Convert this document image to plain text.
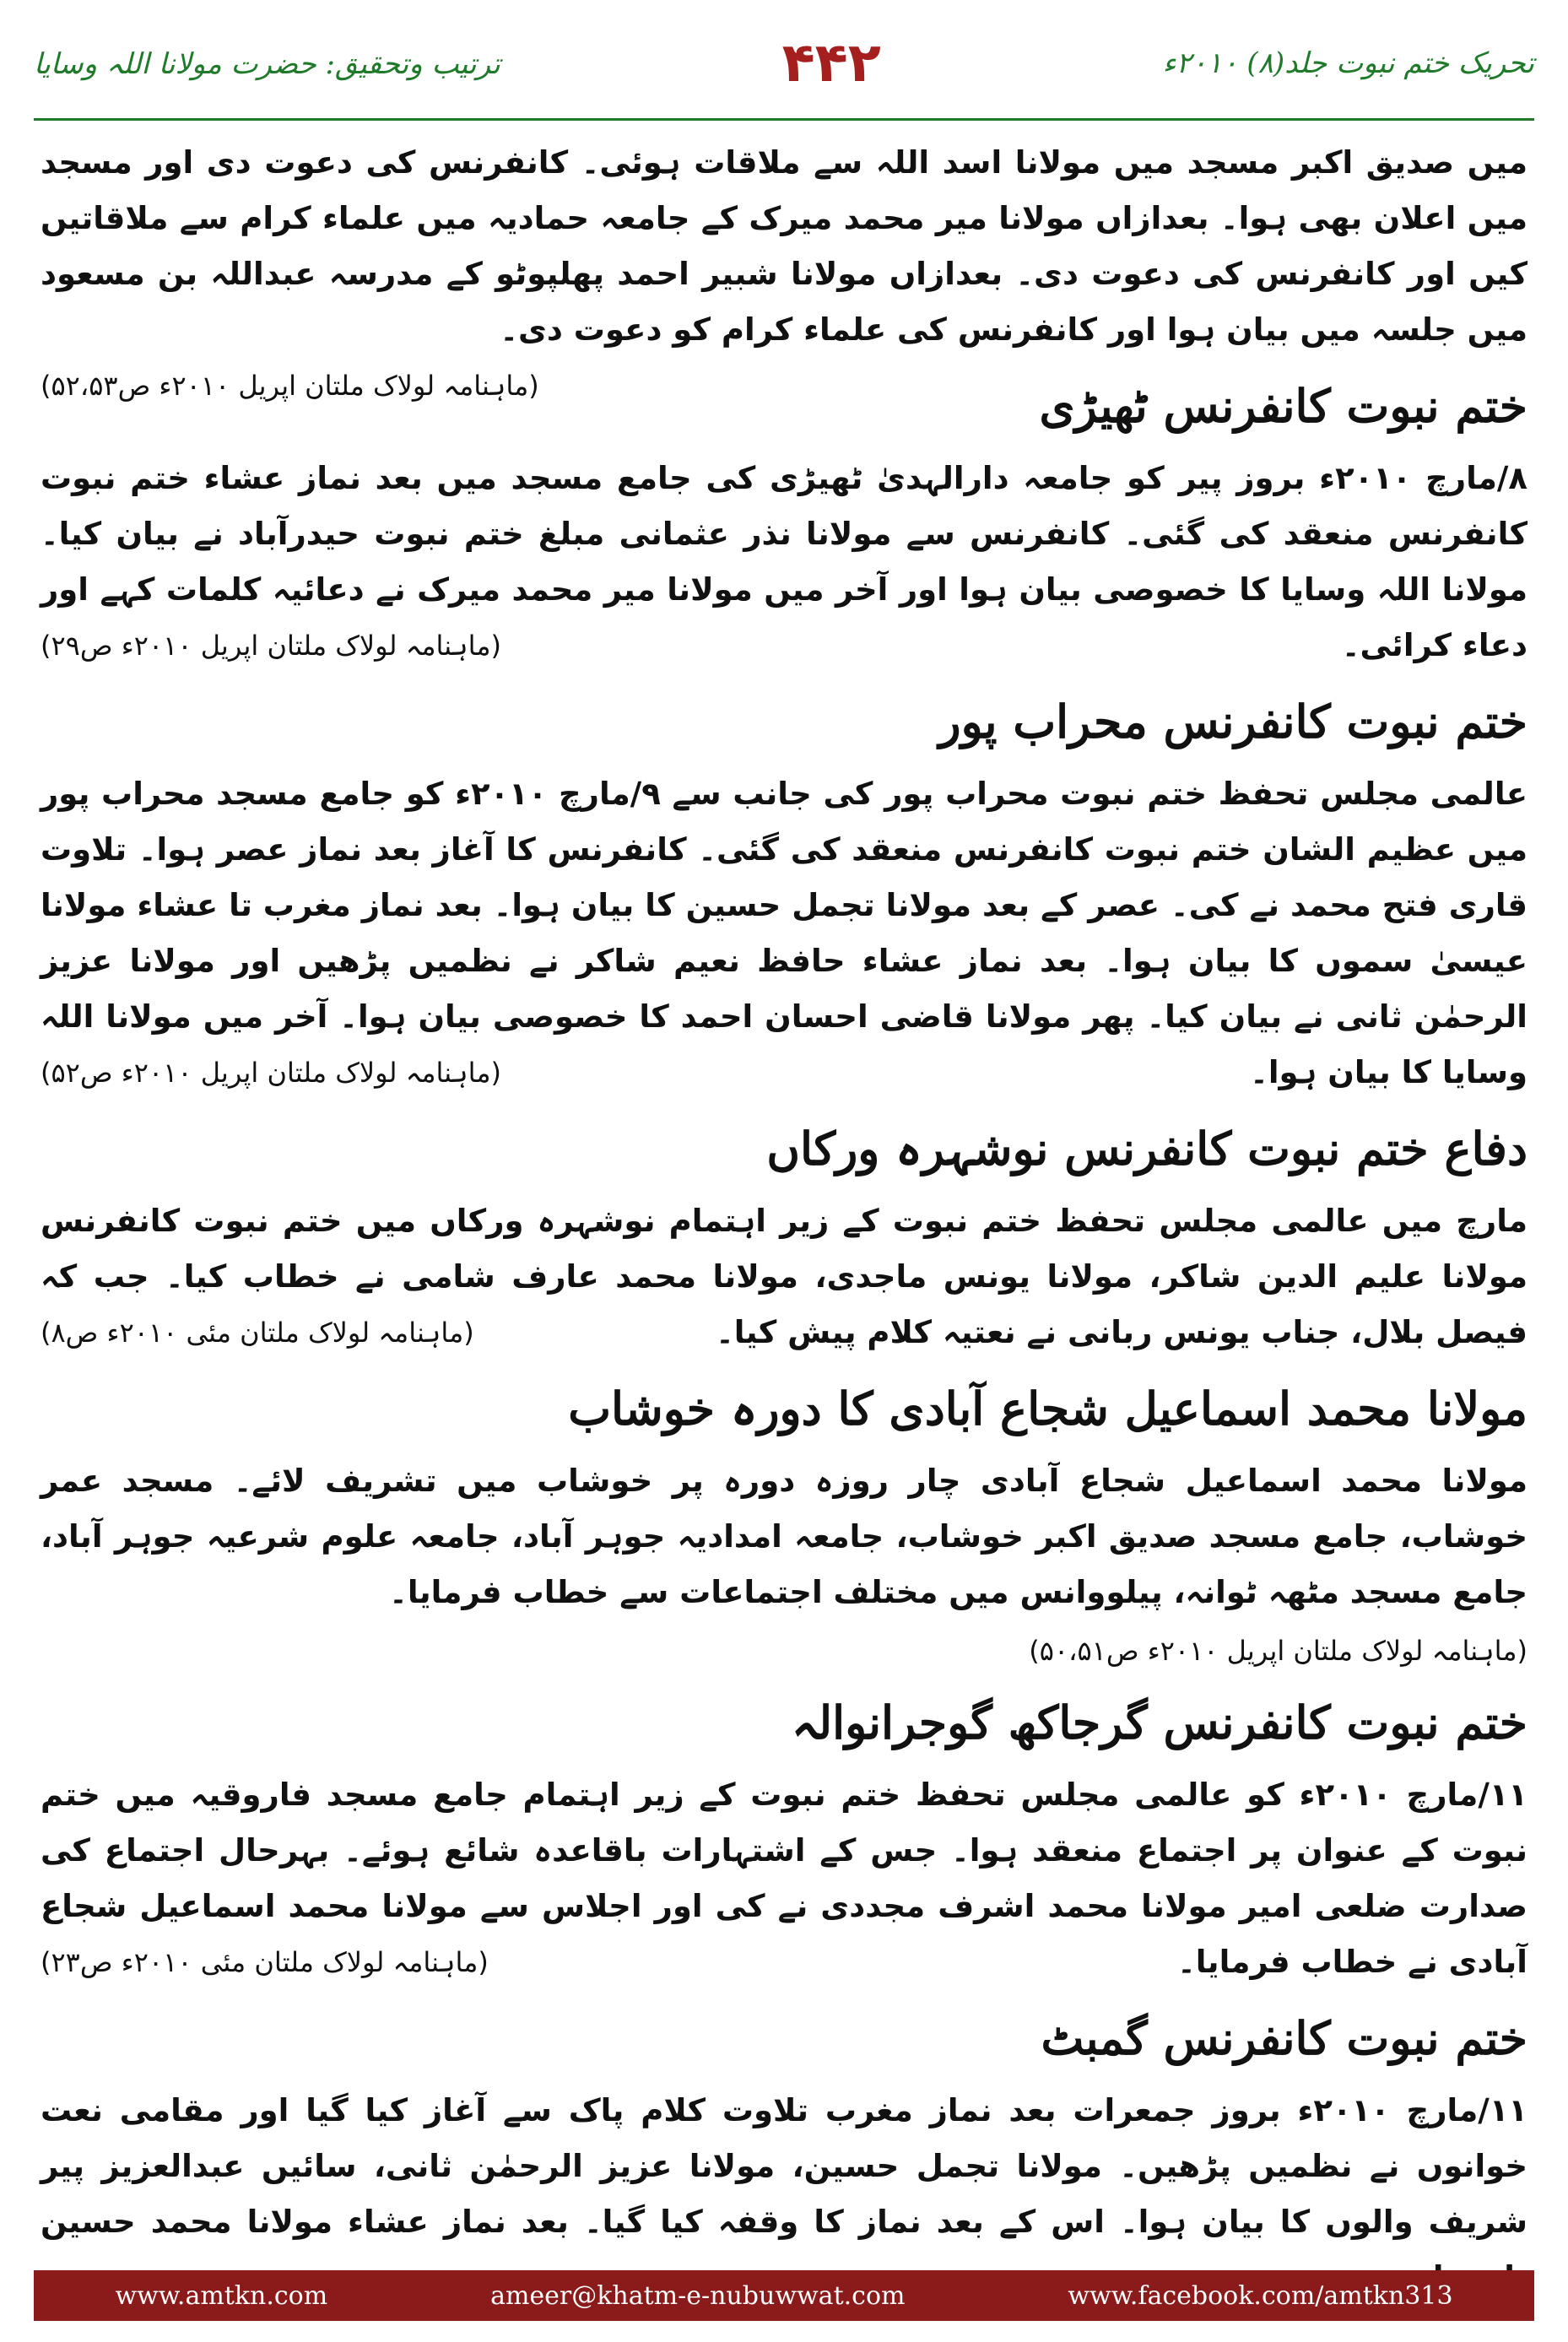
ترتیب وتحقیق: حضرت مولانا اللہ وسایا	۴۴۲	تحریک ختم نبوت جلد(۸) ۲۰۱۰ء

میں صدیق اکبر مسجد میں مولانا اسد اللہ سے ملاقات ہوئی۔ کانفرنس کی دعوت دی اور مسجد میں اعلان بھی ہوا۔ بعدازاں مولانا میر محمد میرک کے جامعہ حمادیہ میں علماء کرام سے ملاقاتیں کیں اور کانفرنس کی دعوت دی۔ بعدازاں مولانا شبیر احمد پھلپوٹو کے مدرسہ عبداللہ بن مسعود میں جلسہ میں بیان ہوا اور کانفرنس کی علماء کرام کو دعوت دی۔
(ماہنامہ لولاک ملتان اپریل ۲۰۱۰ء ص۵۲،۵۳)	ختم نبوت کانفرنس ٹھیڑی

۸/مارچ ۲۰۱۰ء بروز پیر کو جامعہ دارالہدیٰ ٹھیڑی کی جامع مسجد میں بعد نماز عشاء ختم نبوت کانفرنس منعقد کی گئی۔ کانفرنس سے مولانا نذر عثمانی مبلغ ختم نبوت حیدرآباد نے بیان کیا۔ مولانا اللہ وسایا کا خصوصی بیان ہوا اور آخر میں مولانا میر محمد میرک نے دعائیہ کلمات کہے اور دعاء کرائی۔
(ماہنامہ لولاک ملتان اپریل ۲۰۱۰ء ص۲۹)

ختم نبوت کانفرنس محراب پور

عالمی مجلس تحفظ ختم نبوت محراب پور کی جانب سے ۹/مارچ ۲۰۱۰ء کو جامع مسجد محراب پور میں عظیم الشان ختم نبوت کانفرنس منعقد کی گئی۔ کانفرنس کا آغاز بعد نماز عصر ہوا۔ تلاوت قاری فتح محمد نے کی۔ عصر کے بعد مولانا تجمل حسین کا بیان ہوا۔ بعد نماز مغرب تا عشاء مولانا عیسیٰ سموں کا بیان ہوا۔ بعد نماز عشاء حافظ نعیم شاکر نے نظمیں پڑھیں اور مولانا عزیز الرحمٰن ثانی نے بیان کیا۔ پھر مولانا قاضی احسان احمد کا خصوصی بیان ہوا۔ آخر میں مولانا اللہ وسایا کا بیان ہوا۔
(ماہنامہ لولاک ملتان اپریل ۲۰۱۰ء ص۵۲)

دفاع ختم نبوت کانفرنس نوشہرہ ورکاں

مارچ میں عالمی مجلس تحفظ ختم نبوت کے زیر اہتمام نوشہرہ ورکاں میں ختم نبوت کانفرنس مولانا علیم الدین شاکر، مولانا یونس ماجدی، مولانا محمد عارف شامی نے خطاب کیا۔ جب کہ فیصل بلال، جناب یونس ربانی نے نعتیہ کلام پیش کیا۔
(ماہنامہ لولاک ملتان مئی ۲۰۱۰ء ص۸)

مولانا محمد اسماعیل شجاع آبادی کا دورہ خوشاب

مولانا محمد اسماعیل شجاع آبادی چار روزہ دورہ پر خوشاب میں تشریف لائے۔ مسجد عمر خوشاب، جامع مسجد صدیق اکبر خوشاب، جامعہ امدادیہ جوہر آباد، جامعہ علوم شرعیہ جوہر آباد، جامع مسجد مٹھہ ٹوانہ، پیلووانس میں مختلف اجتماعات سے خطاب فرمایا۔

(ماہنامہ لولاک ملتان اپریل ۲۰۱۰ء ص۵۰،۵۱)
ختم نبوت کانفرنس گرجاکھ گوجرانوالہ

۱۱/مارچ ۲۰۱۰ء کو عالمی مجلس تحفظ ختم نبوت کے زیر اہتمام جامع مسجد فاروقیہ میں ختم نبوت کے عنوان پر اجتماع منعقد ہوا۔ جس کے اشتہارات باقاعدہ شائع ہوئے۔ بہرحال اجتماع کی صدارت ضلعی امیر مولانا محمد اشرف مجددی نے کی اور اجلاس سے مولانا محمد اسماعیل شجاع آبادی نے خطاب فرمایا۔
(ماہنامہ لولاک ملتان مئی ۲۰۱۰ء ص۲۳)

ختم نبوت کانفرنس گمبٹ

۱۱/مارچ ۲۰۱۰ء بروز جمعرات بعد نماز مغرب تلاوت کلام پاک سے آغاز کیا گیا اور مقامی نعت خوانوں نے نظمیں پڑھیں۔ مولانا تجمل حسین، مولانا عزیز الرحمٰن ثانی، سائیں عبدالعزیز پیر شریف والوں کا بیان ہوا۔ اس کے بعد نماز کا وقفہ کیا گیا۔ بعد نماز عشاء مولانا محمد حسین

www.amtkn.com	ameer@khatm-e-nubuwwat.com	www.facebook.com/amtkn313
